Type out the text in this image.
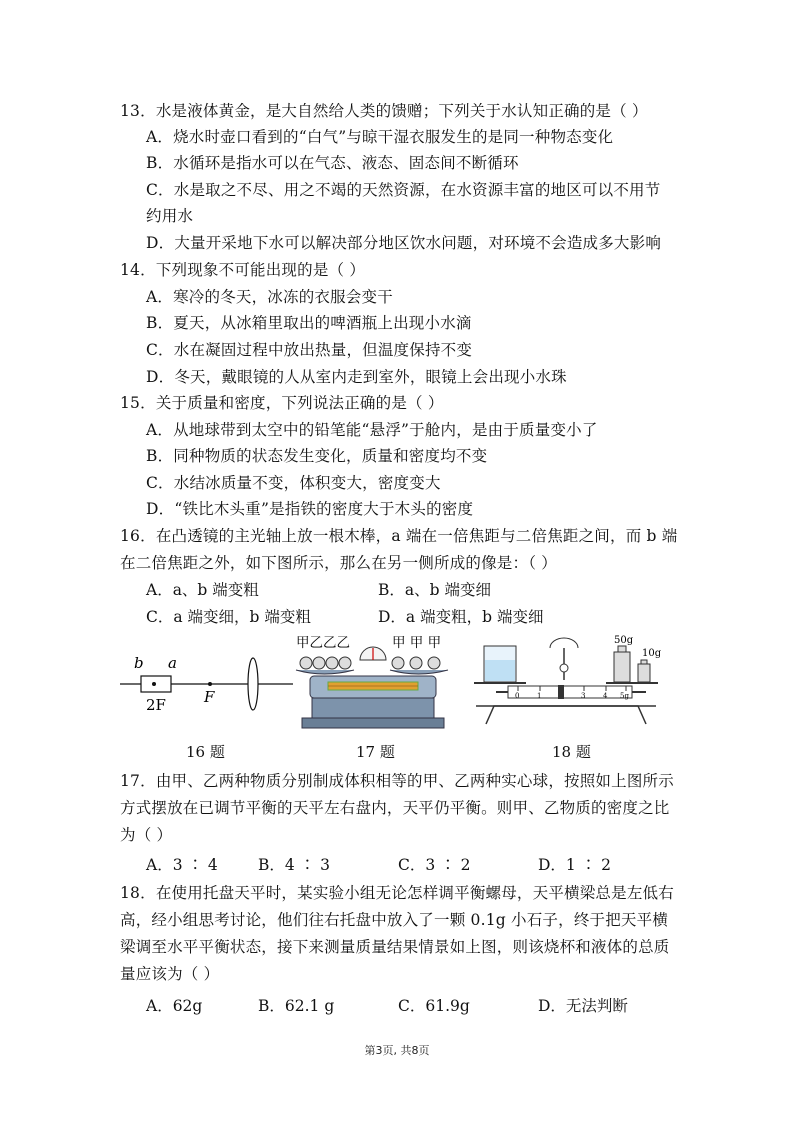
13．水是液体黄金，是大自然给人类的馈赠；下列关于水认知正确的是（ ）
A．烧水时壶口看到的“白气”与晾干湿衣服发生的是同一种物态变化
B．水循环是指水可以在气态、液态、固态间不断循环
C．水是取之不尽、用之不竭的天然资源，在水资源丰富的地区可以不用节
约用水
D．大量开采地下水可以解决部分地区饮水问题，对环境不会造成多大影响
14．下列现象不可能出现的是（ ）
A．寒冷的冬天，冰冻的衣服会变干
B．夏天，从冰箱里取出的啤酒瓶上出现小水滴
C．水在凝固过程中放出热量，但温度保持不变
D．冬天，戴眼镜的人从室内走到室外，眼镜上会出现小水珠
15．关于质量和密度，下列说法正确的是（ ）
A．从地球带到太空中的铅笔能“悬浮”于舱内，是由于质量变小了
B．同种物质的状态发生变化，质量和密度均不变
C．水结冰质量不变，体积变大，密度变大
D．“铁比木头重”是指铁的密度大于木头的密度
16．在凸透镜的主光轴上放一根木棒，a 端在一倍焦距与二倍焦距之间，而 b 端
在二倍焦距之外，如下图所示，那么在另一侧所成的像是：（ ）
A．a、b 端变粗	B．a、b 端变细
C．a 端变细，b 端变粗	D．a 端变粗，b 端变细
b a
2F	F
甲乙乙乙	甲 甲 甲	50g
10g
0	1	3	4 5g
16 题	17 题	18 题
17．由甲、乙两种物质分别制成体积相等的甲、乙两种实心球，按照如上图所示
方式摆放在已调节平衡的天平左右盘内，天平仍平衡。则甲、乙物质的密度之比
为（ ）
A．3 ∶ 4	B．4 ∶ 3	C．3 ∶ 2	D．1 ∶ 2
18．在使用托盘天平时，某实验小组无论怎样调平衡螺母，天平横梁总是左低右
高，经小组思考讨论，他们往右托盘中放入了一颗 0.1g 小石子，终于把天平横
梁调至水平平衡状态，接下来测量质量结果情景如上图，则该烧杯和液体的总质
量应该为（ ）
A．62g	B．62.1 g	C．61.9g	D．无法判断
第3页, 共8页
